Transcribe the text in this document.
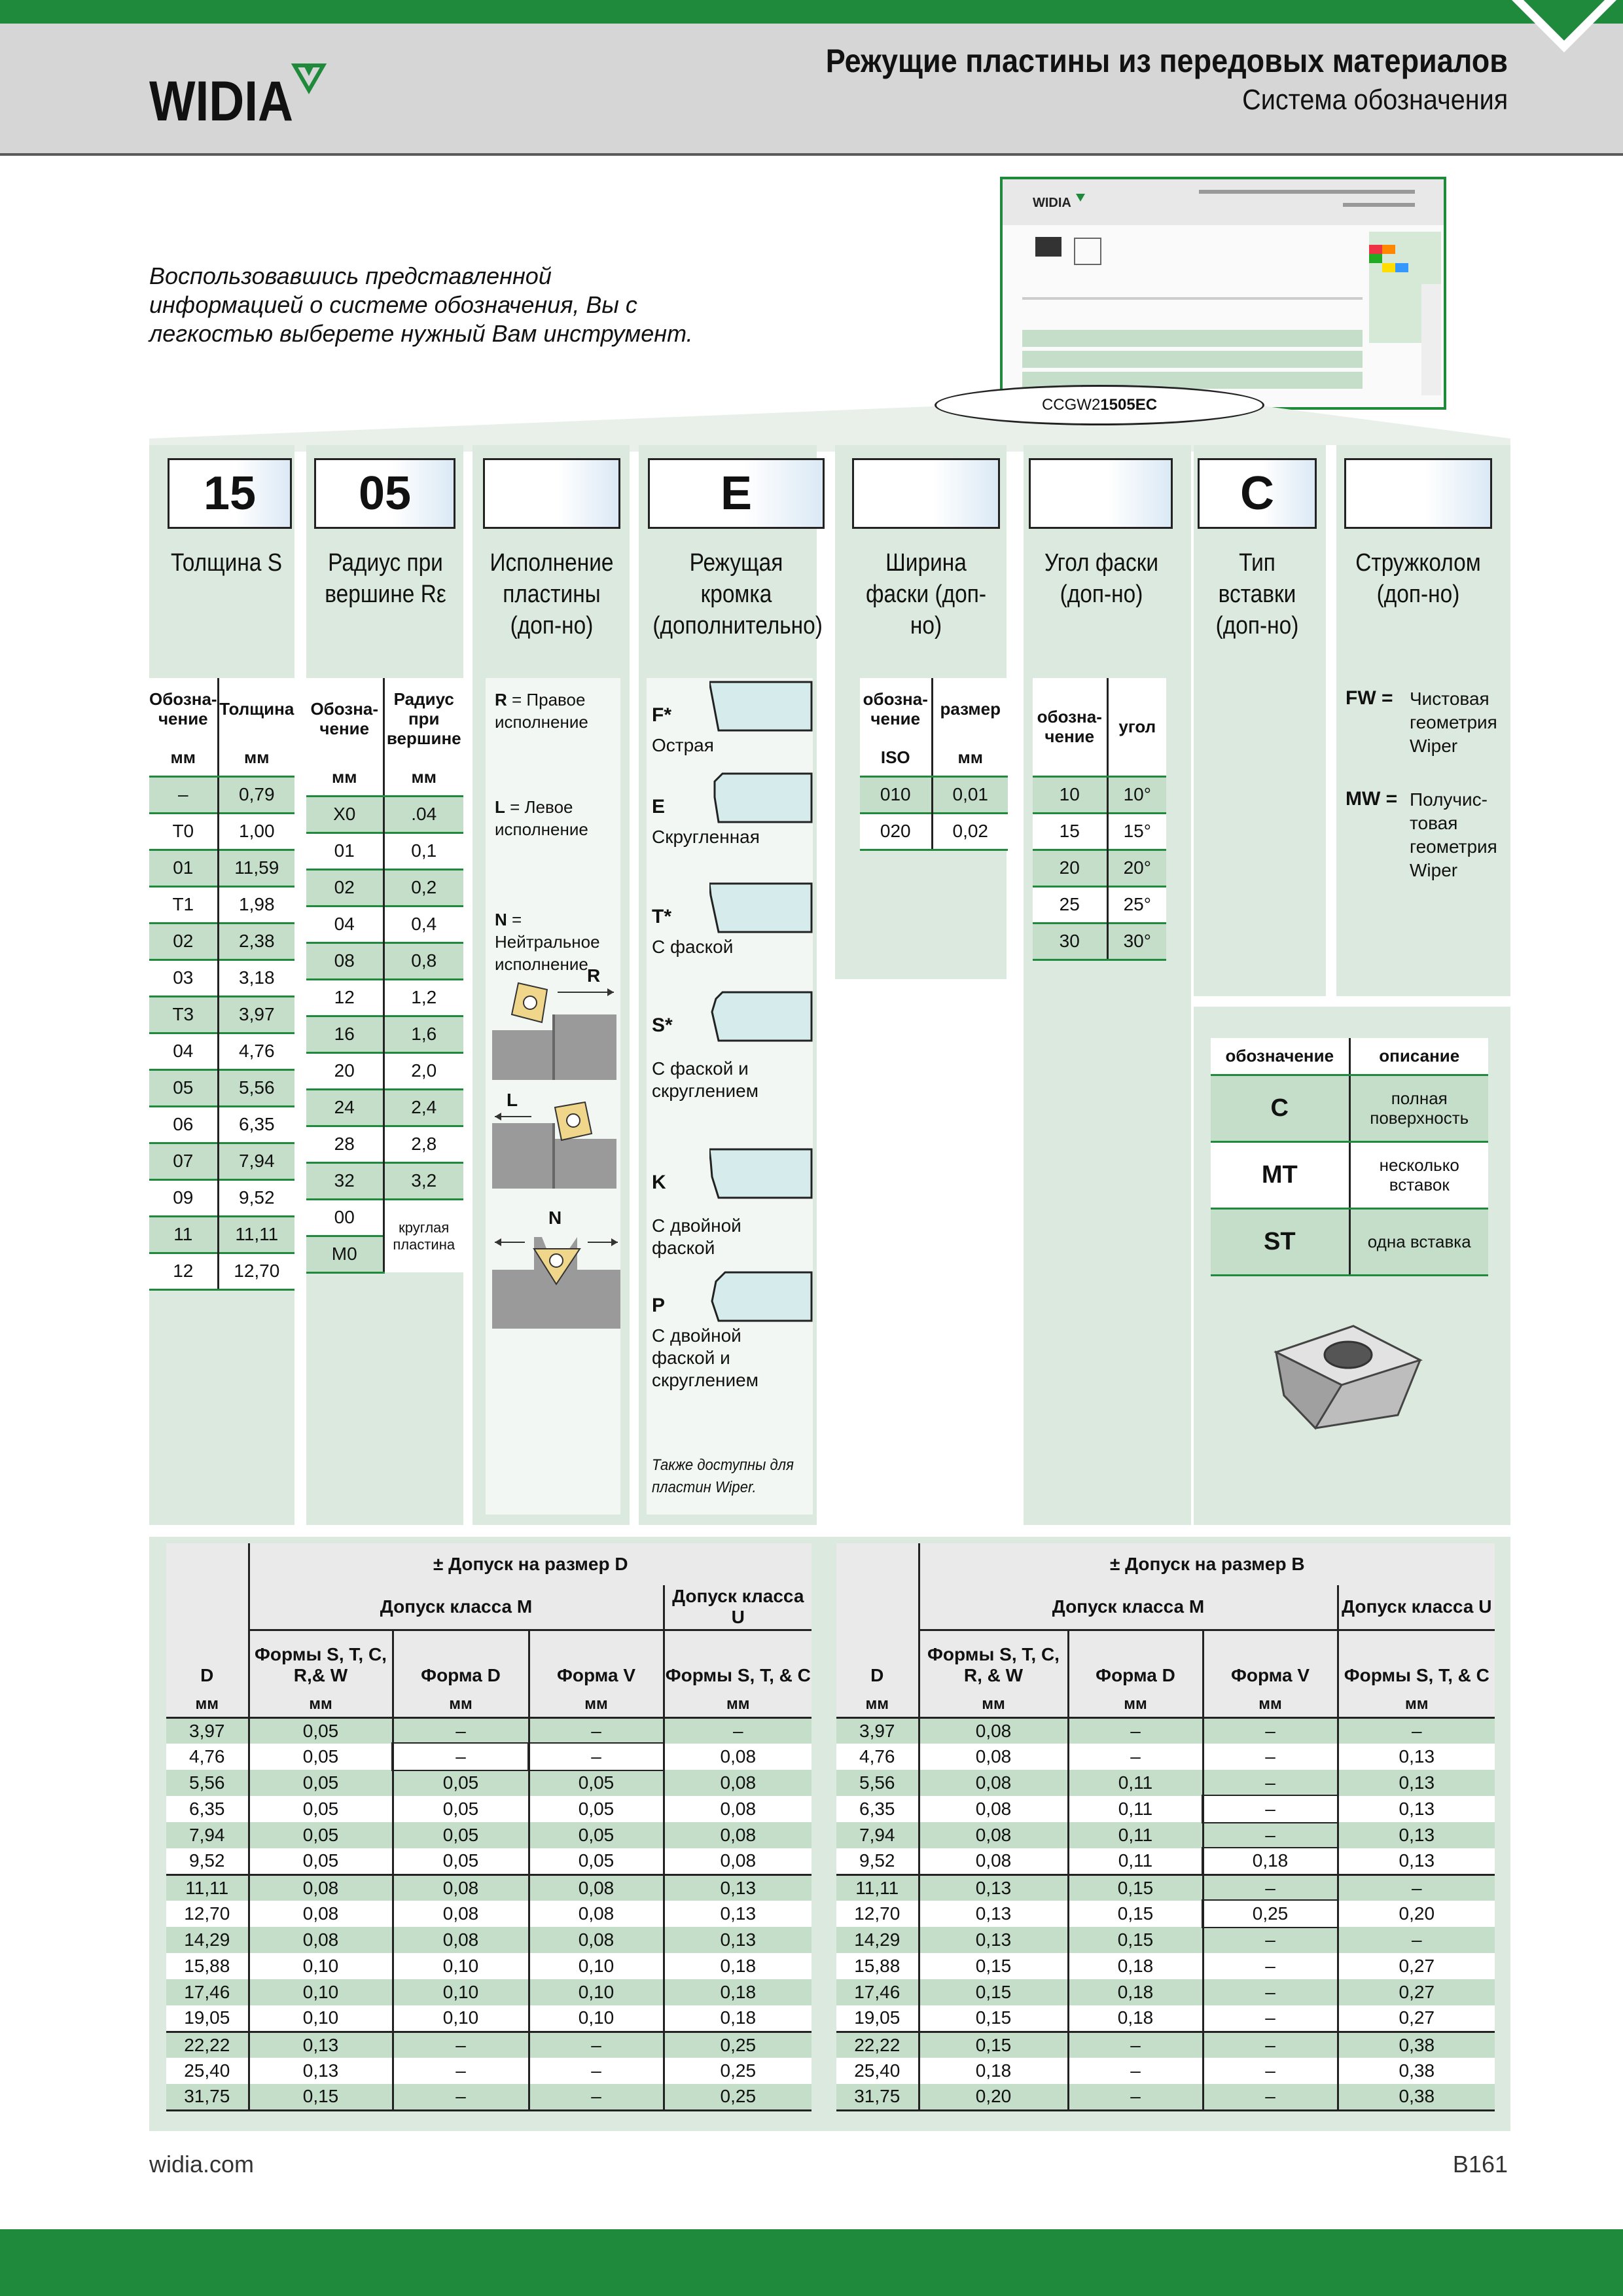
WIDIA
Режущие пластины из передовых материалов
Система обозначения
Воспользовавшись представленной информацией о системе обозначения, Вы с легкостью выберете нужный Вам инструмент.
WIDIA
CCGW2 1505EC
15	05	E	C
Толщина S	Радиус при вершине Rε
Исполнение пластины (доп-но)
Режущая кромка (дополнительно)
Ширина фаски (доп-но)
Угол фаски (доп-но)
Тип вставки (доп-но)
Стружколом (доп-но)
Обозна-чение	Толщина
мм	мм
–	0,79
T0	1,00
01	11,59
T1	1,98
02	2,38
03	3,18
T3	3,97
04	4,76
05	5,56
06	6,35
07	7,94
09	9,52
11	11,11
12	12,70
Обозна-чение	Радиус при вершине
мм	мм
X0	.04
01	0,1
02	0,2
04	0,4
08	0,8
12	1,2
16	1,6
20	2,0
24	2,4
28	2,8
32	3,2
00	круглая пластина
M0	
R = Правое исполнение
L = Левое исполнение
N = Нейтральное исполнение
R
L
N
F*
Острая
E
Скругленная
T*
С фаской
S*
С фаской и скруглением
K
С двойной фаской
P
С двойной фаской и скруглением
Также доступны для пластин Wiper.
обозна-чение	размер
ISO	мм
010	0,01
020	0,02
обозна-чение	угол
10	10°
15	15°
20	20°
25	25°
30	30°
FW = Чистовая геометрия Wiper
MW = Получис-товая геометрия Wiper
обозначение	описание
C	полная поверхность
MT	несколько вставок
ST	одна вставка
D	± Допуск на размер D			
	Допуск класса M			Допуск класса U
	Формы S, T, C, R,& W	Форма D	Форма V	Формы S, T, & C
мм	мм	мм	мм	мм
3,97	0,05	–	–	–
4,76	0,05	–	–	0,08
5,56	0,05	0,05	0,05	0,08
6,35	0,05	0,05	0,05	0,08
7,94	0,05	0,05	0,05	0,08
9,52	0,05	0,05	0,05	0,08
11,11	0,08	0,08	0,08	0,13
12,70	0,08	0,08	0,08	0,13
14,29	0,08	0,08	0,08	0,13
15,88	0,10	0,10	0,10	0,18
17,46	0,10	0,10	0,10	0,18
19,05	0,10	0,10	0,10	0,18
22,22	0,13	–	–	0,25
25,40	0,13	–	–	0,25
31,75	0,15	–	–	0,25
D	± Допуск на размер B			
	Допуск класса M			Допуск класса U
	Формы S, T, C, R, & W	Форма D	Форма V	Формы S, T, & C
мм	мм	мм	мм	мм
3,97	0,08	–	–	–
4,76	0,08	–	–	0,13
5,56	0,08	0,11	–	0,13
6,35	0,08	0,11	–	0,13
7,94	0,08	0,11	–	0,13
9,52	0,08	0,11	0,18	0,13
11,11	0,13	0,15	–	–
12,70	0,13	0,15	0,25	0,20
14,29	0,13	0,15	–	–
15,88	0,15	0,18	–	0,27
17,46	0,15	0,18	–	0,27
19,05	0,15	0,18	–	0,27
22,22	0,15	–	–	0,38
25,40	0,18	–	–	0,38
31,75	0,20	–	–	0,38
widia.com	B161
